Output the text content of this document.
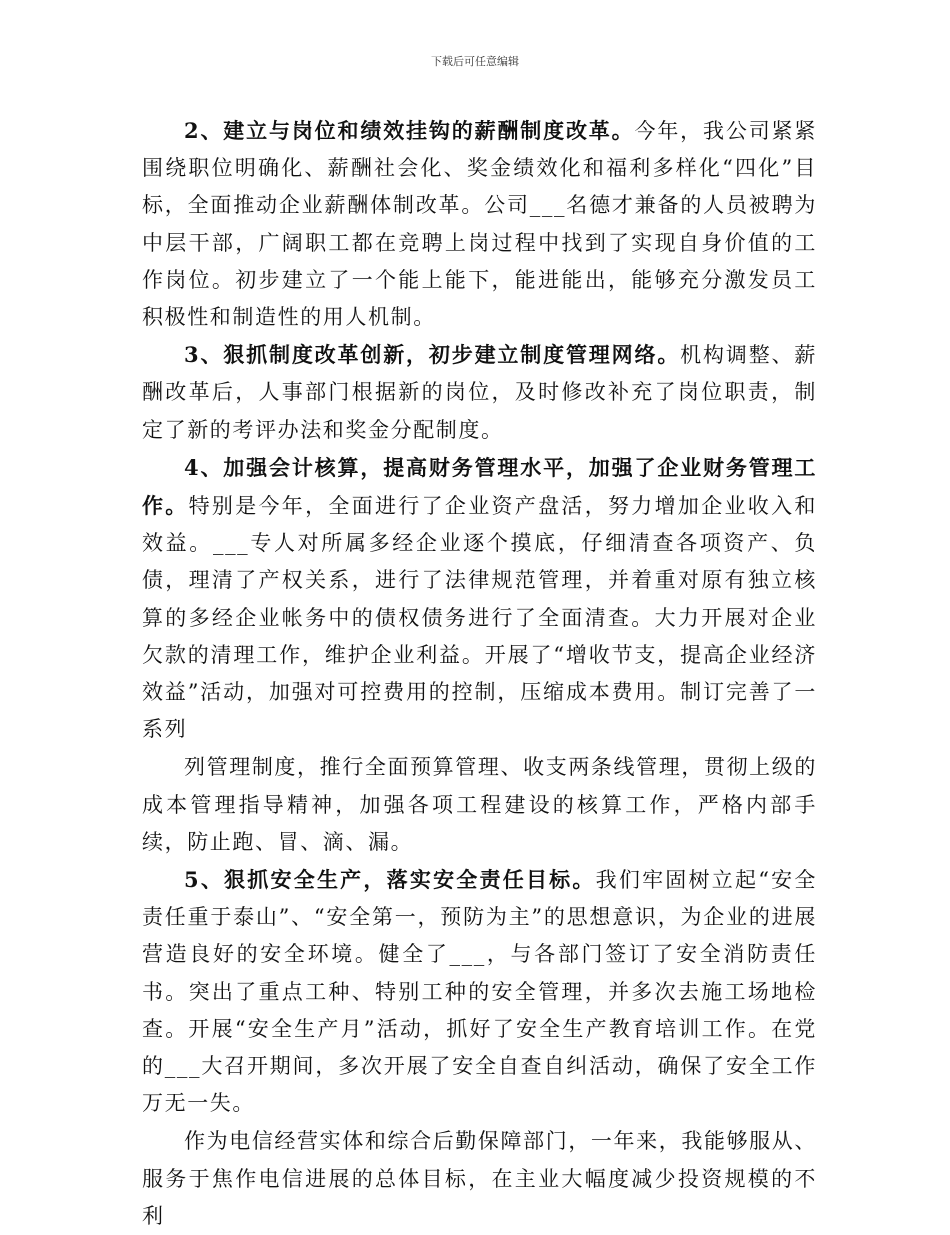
下载后可任意编辑

2、建立与岗位和绩效挂钩的薪酬制度改革。今年，我公司紧紧围绕职位明确化、薪酬社会化、奖金绩效化和福利多样化“四化”目标，全面推动企业薪酬体制改革。公司___名德才兼备的人员被聘为中层干部，广阔职工都在竞聘上岗过程中找到了实现自身价值的工作岗位。初步建立了一个能上能下，能进能出，能够充分激发员工积极性和制造性的用人机制。

3、狠抓制度改革创新，初步建立制度管理网络。机构调整、薪酬改革后，人事部门根据新的岗位，及时修改补充了岗位职责，制定了新的考评办法和奖金分配制度。

4、加强会计核算，提高财务管理水平，加强了企业财务管理工作。特别是今年，全面进行了企业资产盘活，努力增加企业收入和效益。___专人对所属多经企业逐个摸底，仔细清查各项资产、负债，理清了产权关系，进行了法律规范管理，并着重对原有独立核算的多经企业帐务中的债权债务进行了全面清查。大力开展对企业欠款的清理工作，维护企业利益。开展了“增收节支，提高企业经济效益”活动，加强对可控费用的控制，压缩成本费用。制订完善了一系列

列管理制度，推行全面预算管理、收支两条线管理，贯彻上级的成本管理指导精神，加强各项工程建设的核算工作，严格内部手续，防止跑、冒、滴、漏。

5、狠抓安全生产，落实安全责任目标。我们牢固树立起“安全责任重于泰山”、“安全第一，预防为主”的思想意识，为企业的进展营造良好的安全环境。健全了___，与各部门签订了安全消防责任书。突出了重点工种、特别工种的安全管理，并多次去施工场地检查。开展“安全生产月”活动，抓好了安全生产教育培训工作。在党的___大召开期间，多次开展了安全自查自纠活动，确保了安全工作万无一失。

作为电信经营实体和综合后勤保障部门，一年来，我能够服从、服务于焦作电信进展的总体目标，在主业大幅度减少投资规模的不利
